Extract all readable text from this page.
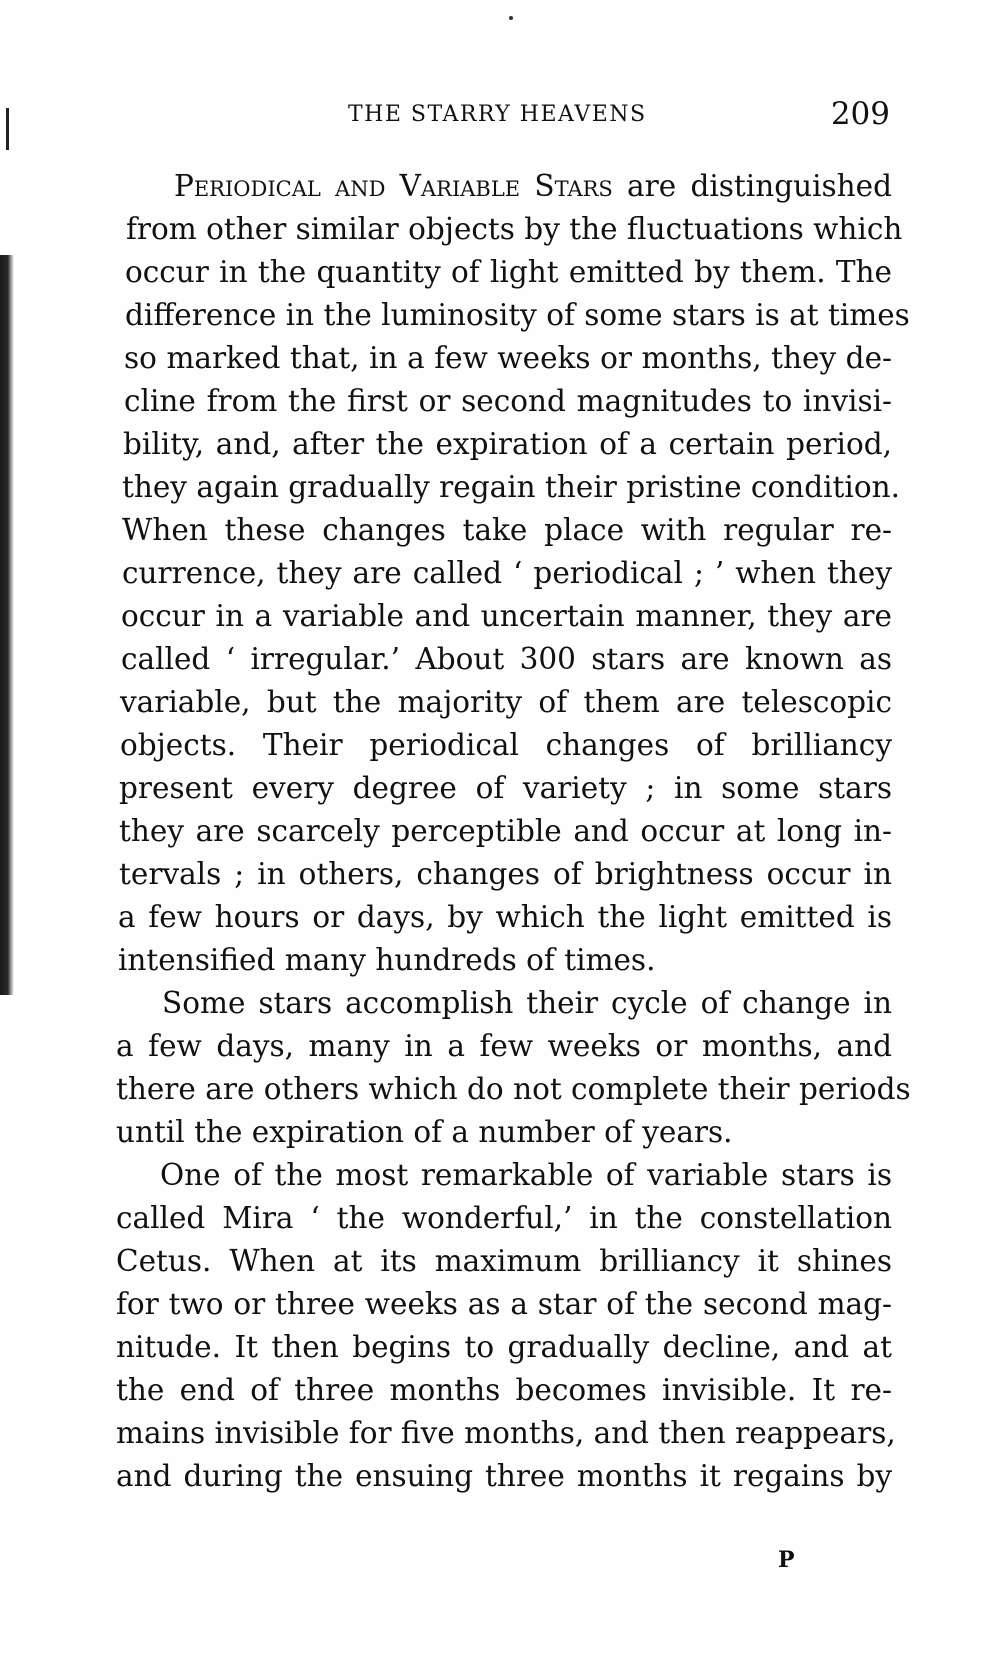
THE STARRY HEAVENS	209
Periodical and Variable Stars are distinguished
from other similar objects by the fluctuations which
occur in the quantity of light emitted by them. The
difference in the luminosity of some stars is at times
so marked that, in a few weeks or months, they de-
cline from the first or second magnitudes to invisi-
bility, and, after the expiration of a certain period,
they again gradually regain their pristine condition.
When these changes take place with regular re-
currence, they are called ‘ periodical ; ’ when they
occur in a variable and uncertain manner, they are
called ‘ irregular.’ About 300 stars are known as
variable, but the majority of them are telescopic
objects. Their periodical changes of brilliancy
present every degree of variety ; in some stars
they are scarcely perceptible and occur at long in-
tervals ; in others, changes of brightness occur in
a few hours or days, by which the light emitted is
intensified many hundreds of times.
Some stars accomplish their cycle of change in
a few days, many in a few weeks or months, and
there are others which do not complete their periods
until the expiration of a number of years.
One of the most remarkable of variable stars is
called Mira ‘ the wonderful,’ in the constellation
Cetus. When at its maximum brilliancy it shines
for two or three weeks as a star of the second mag-
nitude. It then begins to gradually decline, and at
the end of three months becomes invisible. It re-
mains invisible for five months, and then reappears,
and during the ensuing three months it regains by
P
